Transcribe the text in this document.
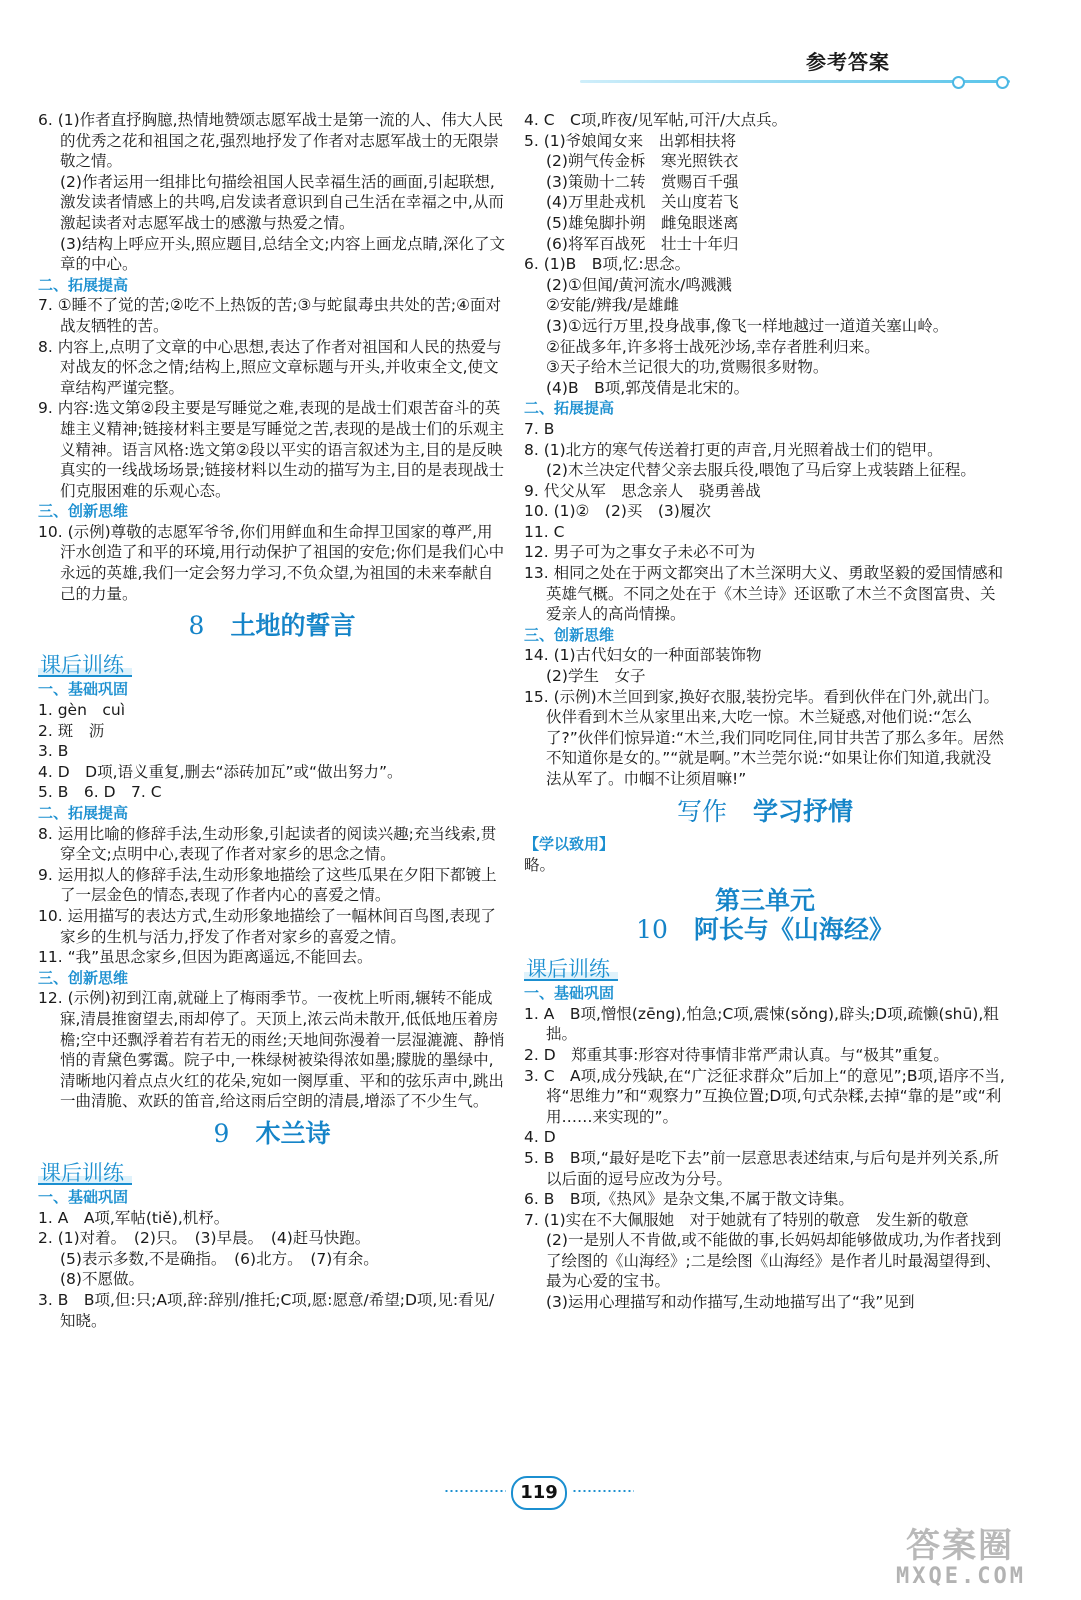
参考答案

6. (1)作者直抒胸臆,热情地赞颂志愿军战士是第一流的人、伟大人民的优秀之花和祖国之花,强烈地抒发了作者对志愿军战士的无限崇敬之情。

(2)作者运用一组排比句描绘祖国人民幸福生活的画面,引起联想,激发读者情感上的共鸣,启发读者意识到自己生活在幸福之中,从而激起读者对志愿军战士的感激与热爱之情。

(3)结构上呼应开头,照应题目,总结全文;内容上画龙点睛,深化了文章的中心。

二、拓展提高

7. ①睡不了觉的苦;②吃不上热饭的苦;③与蛇鼠毒虫共处的苦;④面对战友牺牲的苦。

8. 内容上,点明了文章的中心思想,表达了作者对祖国和人民的热爱与对战友的怀念之情;结构上,照应文章标题与开头,并收束全文,使文章结构严谨完整。

9. 内容:选文第②段主要是写睡觉之难,表现的是战士们艰苦奋斗的英雄主义精神;链接材料主要是写睡觉之苦,表现的是战士们的乐观主义精神。语言风格:选文第②段以平实的语言叙述为主,目的是反映真实的一线战场场景;链接材料以生动的描写为主,目的是表现战士们克服困难的乐观心态。

三、创新思维

10. (示例)尊敬的志愿军爷爷,你们用鲜血和生命捍卫国家的尊严,用汗水创造了和平的环境,用行动保护了祖国的安危;你们是我们心中永远的英雄,我们一定会努力学习,不负众望,为祖国的未来奉献自己的力量。

8 土地的誓言
课后训练

一、基础巩固

1. gèn　cuì

2. 斑　沥

3. B

4. D　D项,语义重复,删去“添砖加瓦”或“做出努力”。

5. B　6. D　7. C

二、拓展提高

8. 运用比喻的修辞手法,生动形象,引起读者的阅读兴趣;充当线索,贯穿全文;点明中心,表现了作者对家乡的思念之情。

9. 运用拟人的修辞手法,生动形象地描绘了这些瓜果在夕阳下都镀上了一层金色的情态,表现了作者内心的喜爱之情。

10. 运用描写的表达方式,生动形象地描绘了一幅林间百鸟图,表现了家乡的生机与活力,抒发了作者对家乡的喜爱之情。

11. “我”虽思念家乡,但因为距离遥远,不能回去。

三、创新思维

12. (示例)初到江南,就碰上了梅雨季节。一夜枕上听雨,辗转不能成寐,清晨推窗望去,雨却停了。天顶上,浓云尚未散开,低低地压着房檐;空中还飘浮着若有若无的雨丝;天地间弥漫着一层湿漉漉、静悄悄的青黛色雾霭。院子中,一株绿树被染得浓如墨;朦胧的墨绿中,清晰地闪着点点火红的花朵,宛如一阕厚重、平和的弦乐声中,跳出一曲清脆、欢跃的笛音,给这雨后空朗的清晨,增添了不少生气。

9 木兰诗
课后训练

一、基础巩固

1. A　A项,军帖(tiě),机杼。

2. (1)对着。　(2)只。　(3)早晨。　(4)赶马快跑。

(5)表示多数,不是确指。　(6)北方。　(7)有余。

(8)不愿做。

3. B　B项,但:只;A项,辞:辞别/推托;C项,愿:愿意/希望;D项,见:看见/知晓。

4. C　C项,昨夜/见军帖,可汗/大点兵。

5. (1)爷娘闻女来　出郭相扶将

(2)朔气传金柝　寒光照铁衣

(3)策勋十二转　赏赐百千强

(4)万里赴戎机　关山度若飞

(5)雄兔脚扑朔　雌兔眼迷离

(6)将军百战死　壮士十年归

6. (1)B　B项,忆:思念。

(2)①但闻/黄河流水/鸣溅溅

②安能/辨我/是雄雌

(3)①远行万里,投身战事,像飞一样地越过一道道关塞山岭。

②征战多年,许多将士战死沙场,幸存者胜利归来。

③天子给木兰记很大的功,赏赐很多财物。

(4)B　B项,郭茂倩是北宋的。

二、拓展提高

7. B

8. (1)北方的寒气传送着打更的声音,月光照着战士们的铠甲。

(2)木兰决定代替父亲去服兵役,喂饱了马后穿上戎装踏上征程。

9. 代父从军　思念亲人　骁勇善战

10. (1)②　(2)买　(3)履次

11. C

12. 男子可为之事女子未必不可为

13. 相同之处在于两文都突出了木兰深明大义、勇敢坚毅的爱国情感和英雄气概。不同之处在于《木兰诗》还讴歌了木兰不贪图富贵、关爱亲人的高尚情操。

三、创新思维

14. (1)古代妇女的一种面部装饰物

(2)学生　女子

15. (示例)木兰回到家,换好衣服,装扮完毕。看到伙伴在门外,就出门。伙伴看到木兰从家里出来,大吃一惊。木兰疑惑,对他们说:“怎么了?”伙伴们惊异道:“木兰,我们同吃同住,同甘共苦了那么多年。居然不知道你是女的。”“就是啊。”木兰莞尔说:“如果让你们知道,我就没法从军了。巾帼不让须眉嘛!”

写作 学习抒情

【学以致用】

略。

第三单元
10 阿长与《山海经》
课后训练

一、基础巩固

1. A　B项,憎恨(zēng),怕急;C项,震悚(sǒng),辟头;D项,疏懒(shū),粗拙。

2. D　郑重其事:形容对待事情非常严肃认真。与“极其”重复。

3. C　A项,成分残缺,在“广泛征求群众”后加上“的意见”;B项,语序不当,将“思维力”和“观察力”互换位置;D项,句式杂糅,去掉“靠的是”或“利用……来实现的”。

4. D

5. B　B项,“最好是吃下去”前一层意思表述结束,与后句是并列关系,所以后面的逗号应改为分号。

6. B　B项,《热风》是杂文集,不属于散文诗集。

7. (1)实在不大佩服她　对于她就有了特别的敬意　发生新的敬意

(2)一是别人不肯做,或不能做的事,长妈妈却能够做成功,为作者找到了绘图的《山海经》;二是绘图《山海经》是作者儿时最渴望得到、最为心爱的宝书。

(3)运用心理描写和动作描写,生动地描写出了“我”见到

119
答案圈
MXQE.COM
